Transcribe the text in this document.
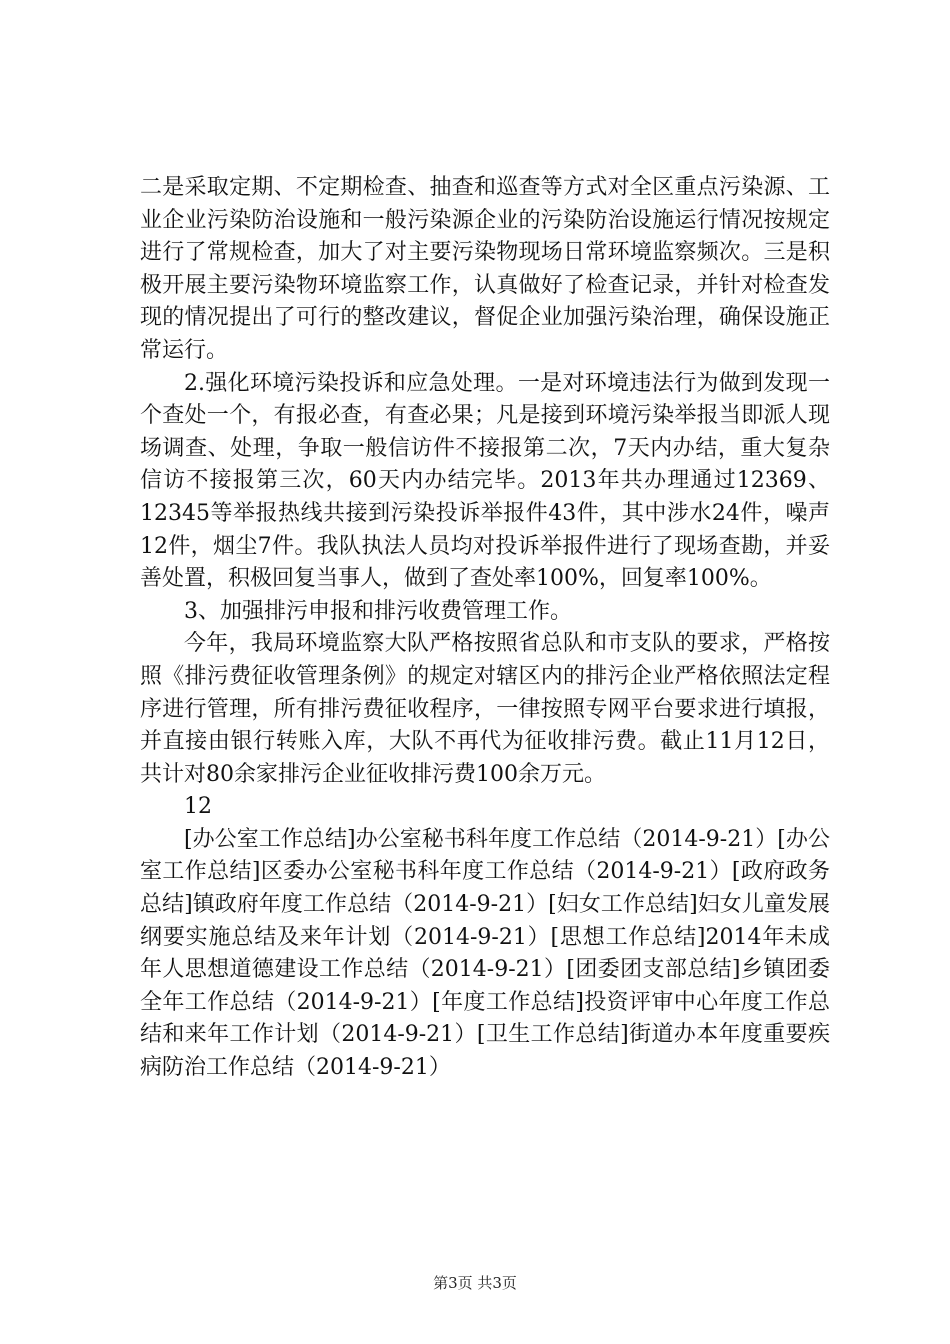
二是采取定期、不定期检查、抽查和巡查等方式对全区重点污染源、工业企业污染防治设施和一般污染源企业的污染防治设施运行情况按规定进行了常规检查，加大了对主要污染物现场日常环境监察频次。三是积极开展主要污染物环境监察工作，认真做好了检查记录，并针对检查发现的情况提出了可行的整改建议，督促企业加强污染治理，确保设施正常运行。

2.强化环境污染投诉和应急处理。一是对环境违法行为做到发现一个查处一个，有报必查，有查必果；凡是接到环境污染举报当即派人现场调查、处理，争取一般信访件不接报第二次，7天内办结，重大复杂信访不接报第三次，60天内办结完毕。2013年共办理通过12369、12345等举报热线共接到污染投诉举报件43件，其中涉水24件，噪声12件，烟尘7件。我队执法人员均对投诉举报件进行了现场查勘，并妥善处置，积极回复当事人，做到了查处率100%，回复率100%。

3、加强排污申报和排污收费管理工作。

今年，我局环境监察大队严格按照省总队和市支队的要求，严格按照《排污费征收管理条例》的规定对辖区内的排污企业严格依照法定程序进行管理，所有排污费征收程序，一律按照专网平台要求进行填报，并直接由银行转账入库，大队不再代为征收排污费。截止11月12日，共计对80余家排污企业征收排污费100余万元。

12

[办公室工作总结]办公室秘书科年度工作总结（2014-9-21）[办公室工作总结]区委办公室秘书科年度工作总结（2014-9-21）[政府政务总结]镇政府年度工作总结（2014-9-21）[妇女工作总结]妇女儿童发展纲要实施总结及来年计划（2014-9-21）[思想工作总结]2014年未成年人思想道德建设工作总结（2014-9-21）[团委团支部总结]乡镇团委全年工作总结（2014-9-21）[年度工作总结]投资评审中心年度工作总结和来年工作计划（2014-9-21）[卫生工作总结]街道办本年度重要疾病防治工作总结（2014-9-21）

第3页 共3页
